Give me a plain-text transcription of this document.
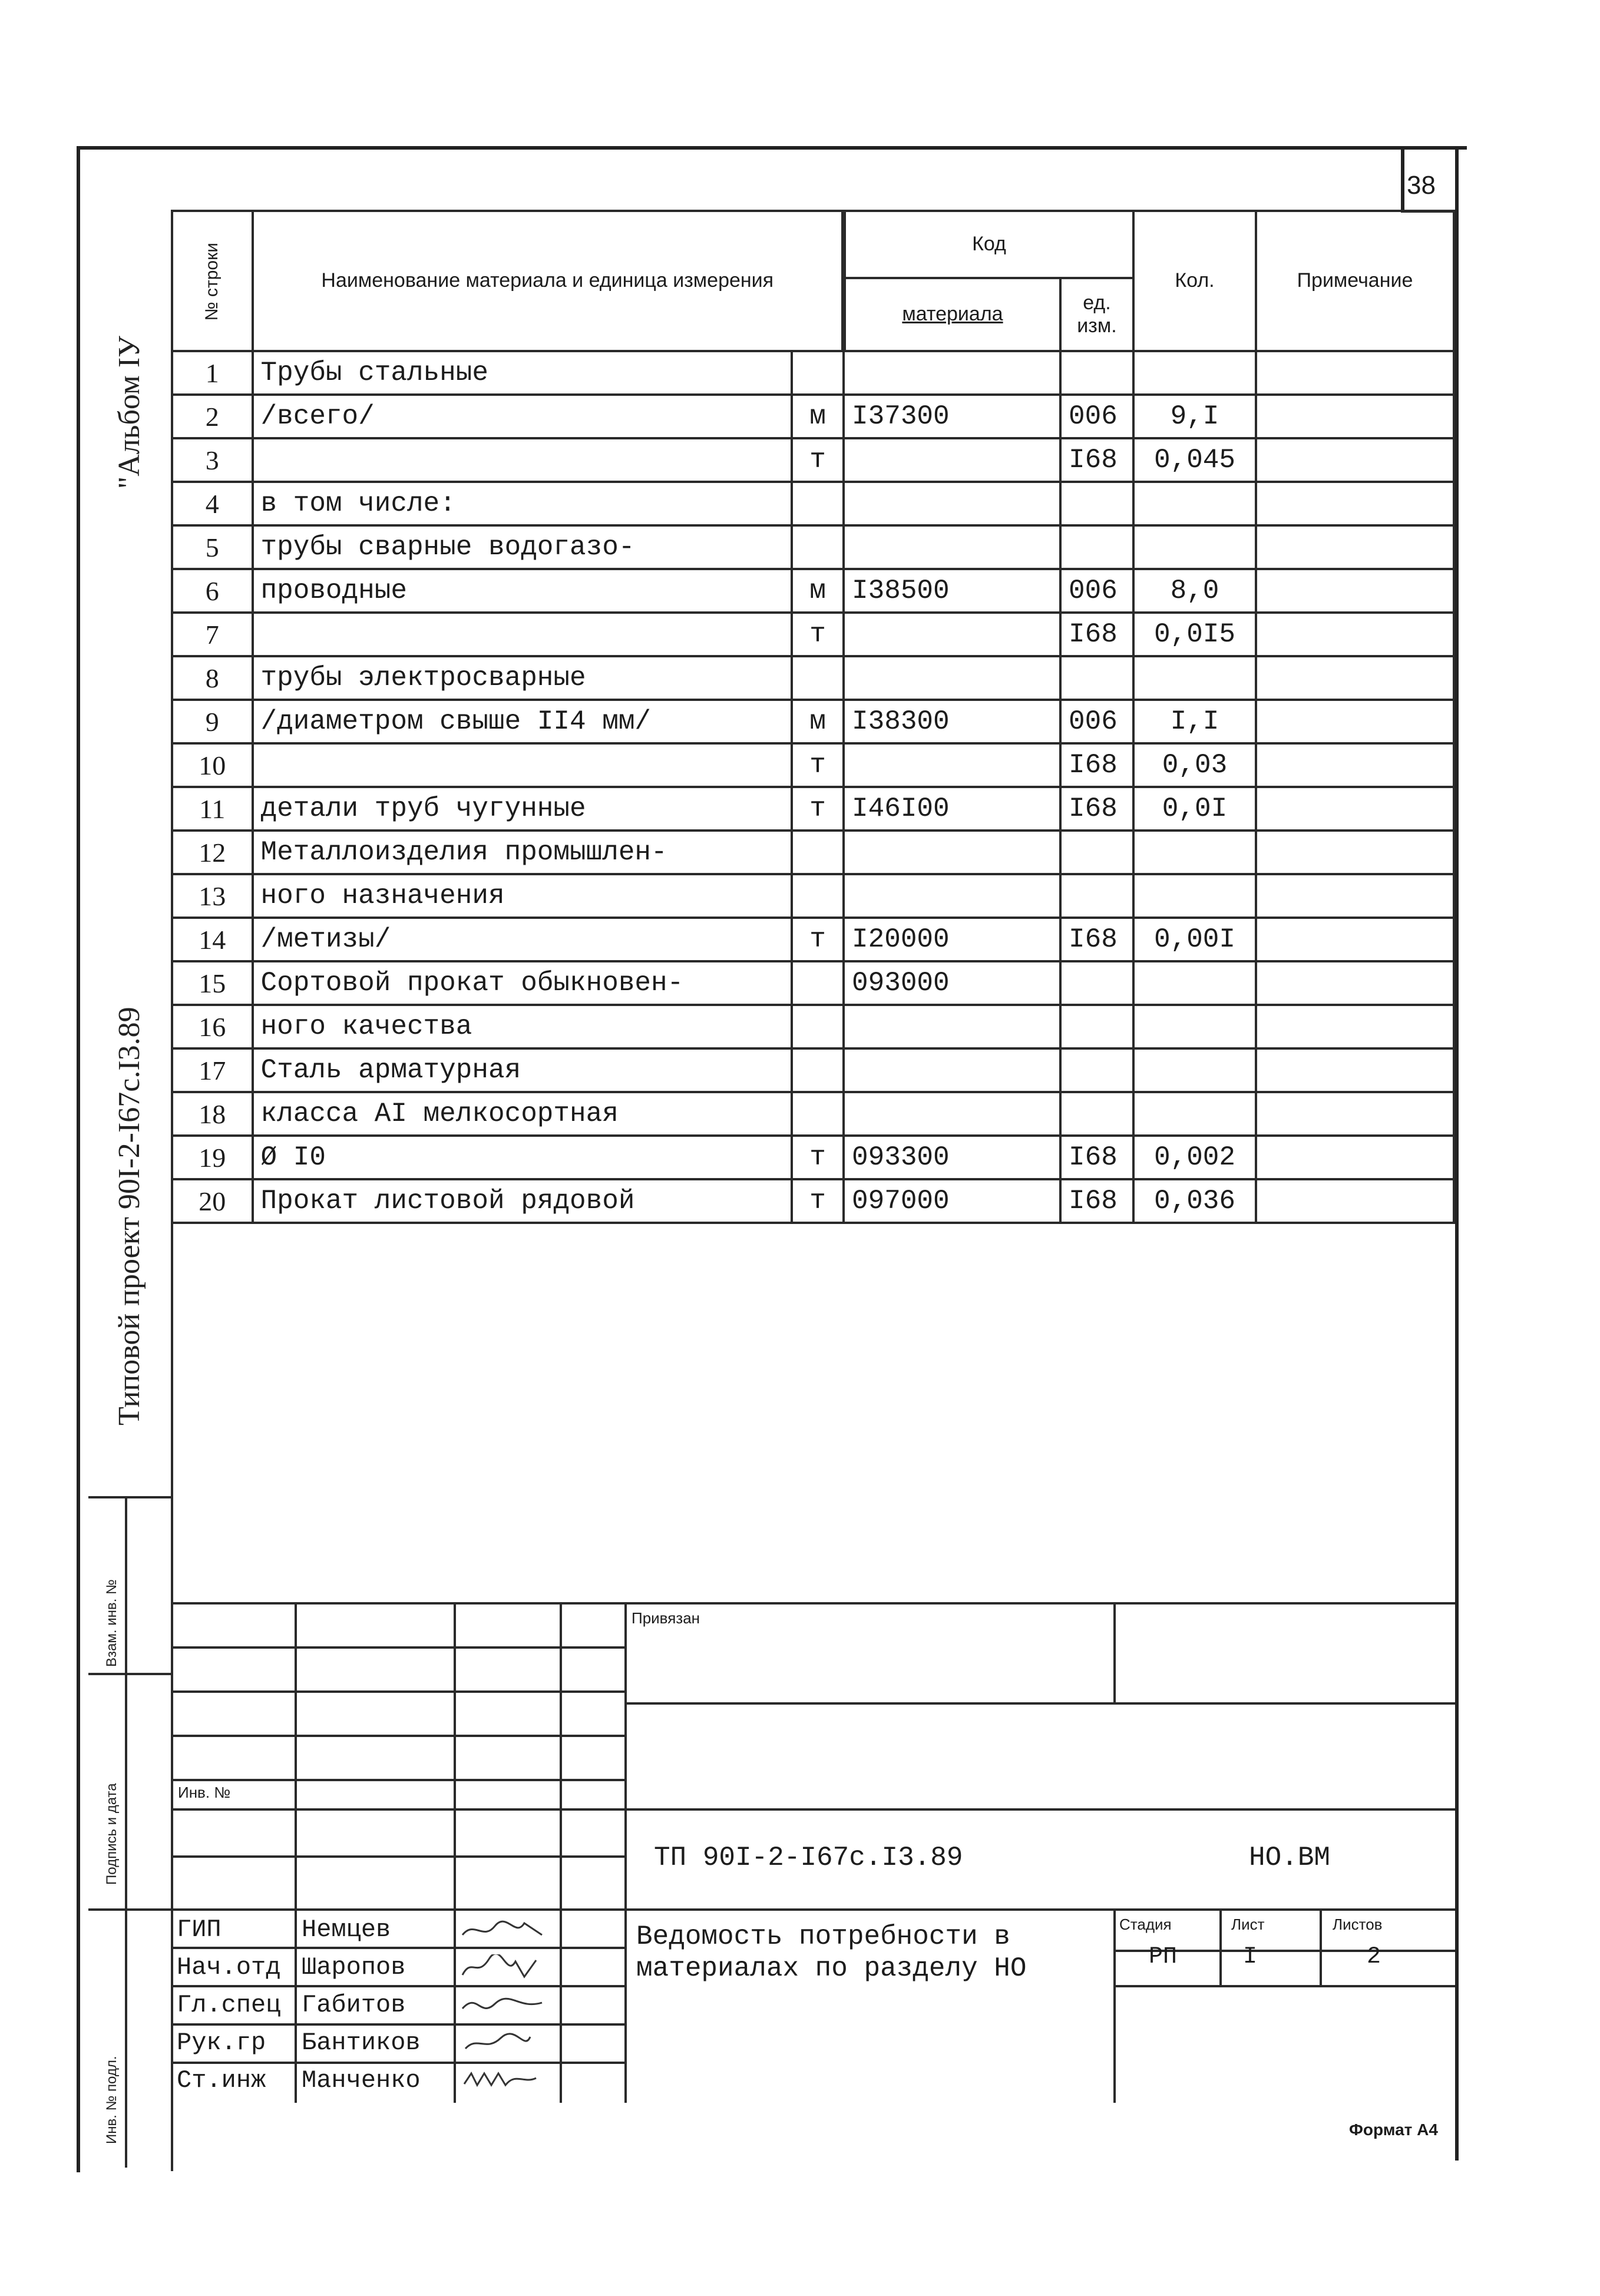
38
"Альбом IУ
Типовой проект 90I-2-I67с.I3.89
Взам. инв. №
Подпись и дата
Инв. № подл.
№ строки	Наименование материала и единица измерения		Код		Кол.	Примечание
			материала	ед. изм.		
1	Трубы стальные					
2	/всего/	м	I37300	006	9,I	
3		т		I68	0,045	
4	в том числе:					
5	трубы сварные водогазо-					
6	проводные	м	I38500	006	8,0	
7		т		I68	0,0I5	
8	трубы электросварные					
9	/диаметром свыше II4 мм/	м	I38300	006	I,I	
10		т		I68	0,03	
11	детали труб чугунные	т	I46I00	I68	0,0I	
12	Металлоизделия промышлен-					
13	ного назначения					
14	/метизы/	т	I20000	I68	0,00I	
15	Сортовой прокат обыкновен-		093000			
16	ного качества					
17	Сталь арматурная					
18	класса AI мелкосортная					
19	Ø I0	т	093300	I68	0,002	
20	Прокат листовой рядовой	т	097000	I68	0,036	
Привязан
Инв. №
ТП 90I-2-I67с.I3.89	НО.ВМ
Ведомость потребности в
материалах по разделу НО
Стадия	Лист	Листов
РП	I	2
ГИП	Немцев
Нач.отд Шаропов
Гл.спец Габитов
Рук.гр Бантиков
Ст.инж Манченко
Формат А4
